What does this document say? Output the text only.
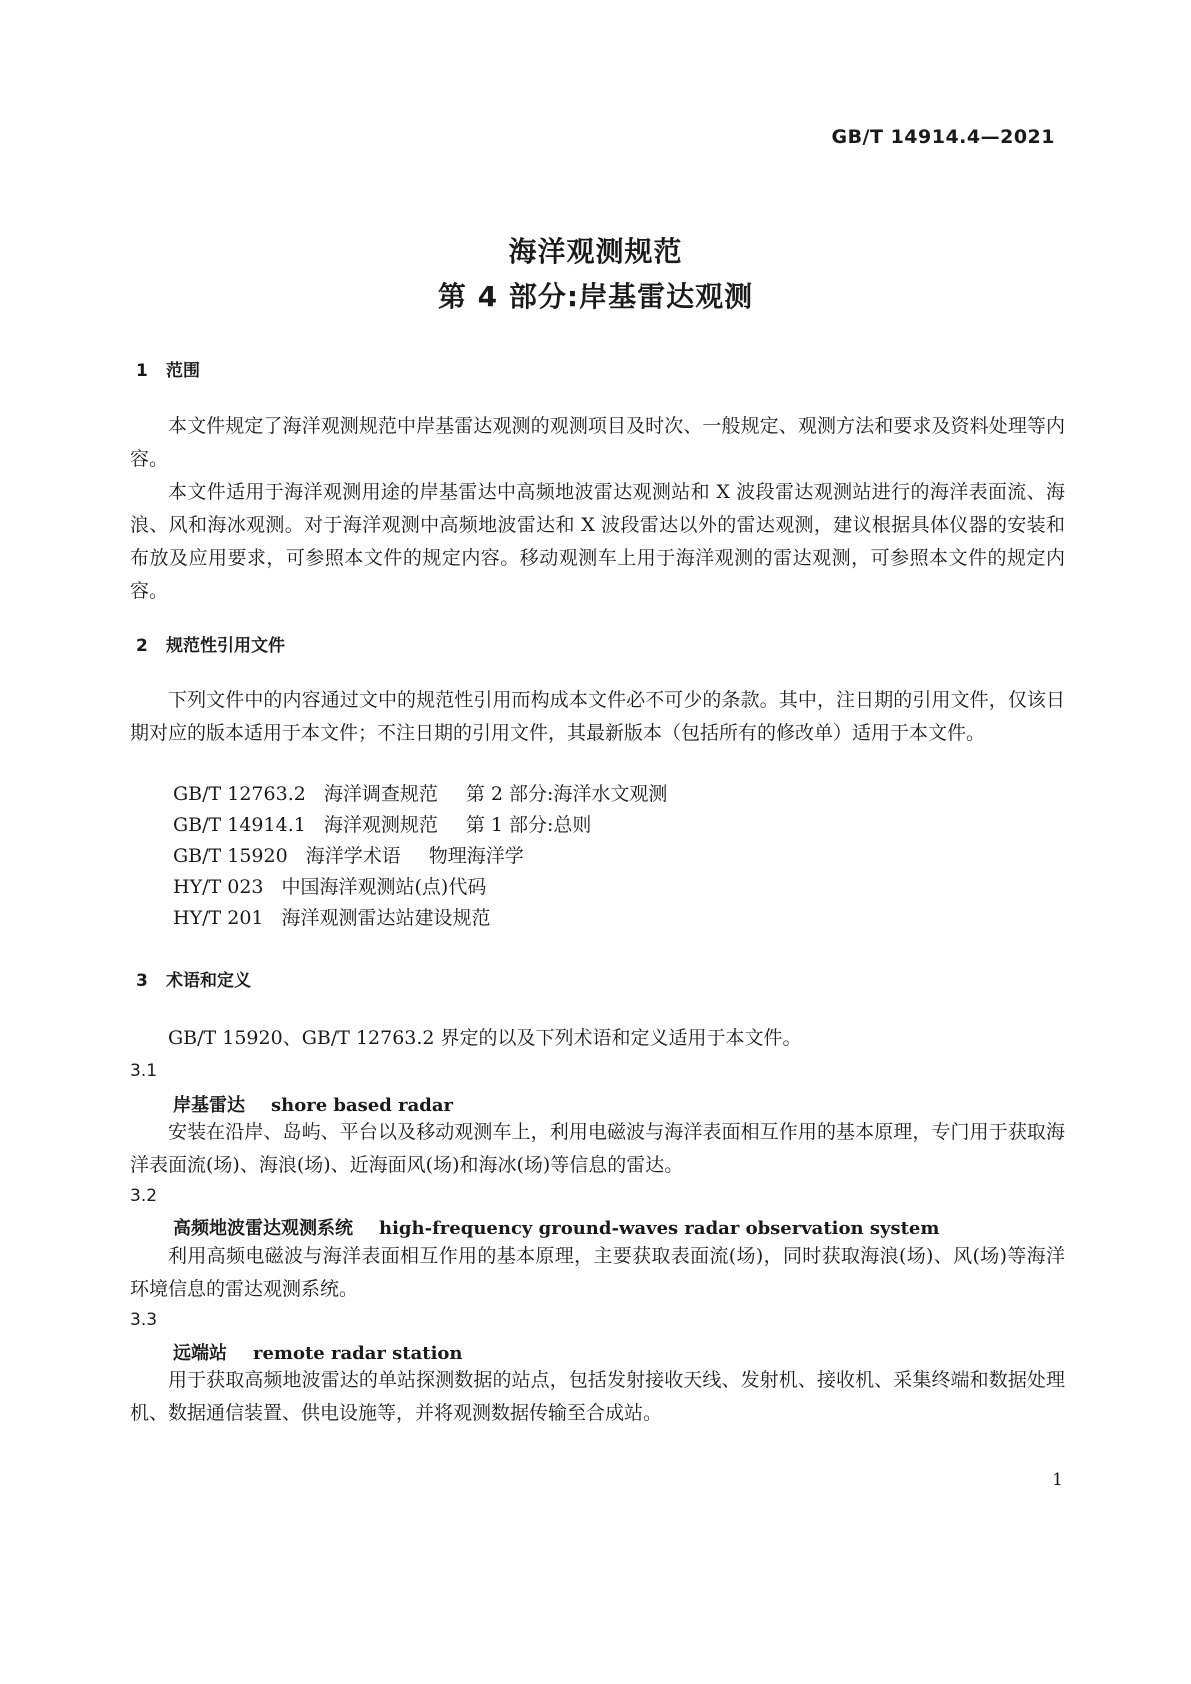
GB/T 14914.4—2021
海洋观测规范
第 4 部分:岸基雷达观测
1 范围
本文件规定了海洋观测规范中岸基雷达观测的观测项目及时次、一般规定、观测方法和要求及资料处理等内容。
本文件适用于海洋观测用途的岸基雷达中高频地波雷达观测站和 X 波段雷达观测站进行的海洋表面流、海浪、风和海冰观测。对于海洋观测中高频地波雷达和 X 波段雷达以外的雷达观测，建议根据具体仪器的安装和布放及应用要求，可参照本文件的规定内容。移动观测车上用于海洋观测的雷达观测，可参照本文件的规定内容。
2 规范性引用文件
下列文件中的内容通过文中的规范性引用而构成本文件必不可少的条款。其中，注日期的引用文件，仅该日期对应的版本适用于本文件；不注日期的引用文件，其最新版本（包括所有的修改单）适用于本文件。
GB/T 12763.2 海洋调查规范 第 2 部分:海洋水文观测
GB/T 14914.1 海洋观测规范 第 1 部分:总则
GB/T 15920 海洋学术语 物理海洋学
HY/T 023 中国海洋观测站(点)代码
HY/T 201 海洋观测雷达站建设规范
3 术语和定义
GB/T 15920、GB/T 12763.2 界定的以及下列术语和定义适用于本文件。
3.1
岸基雷达 shore based radar
安装在沿岸、岛屿、平台以及移动观测车上，利用电磁波与海洋表面相互作用的基本原理，专门用于获取海洋表面流(场)、海浪(场)、近海面风(场)和海冰(场)等信息的雷达。
3.2
高频地波雷达观测系统 high-frequency ground-waves radar observation system
利用高频电磁波与海洋表面相互作用的基本原理，主要获取表面流(场)，同时获取海浪(场)、风(场)等海洋环境信息的雷达观测系统。
3.3
远端站 remote radar station
用于获取高频地波雷达的单站探测数据的站点，包括发射接收天线、发射机、接收机、采集终端和数据处理机、数据通信装置、供电设施等，并将观测数据传输至合成站。
1
